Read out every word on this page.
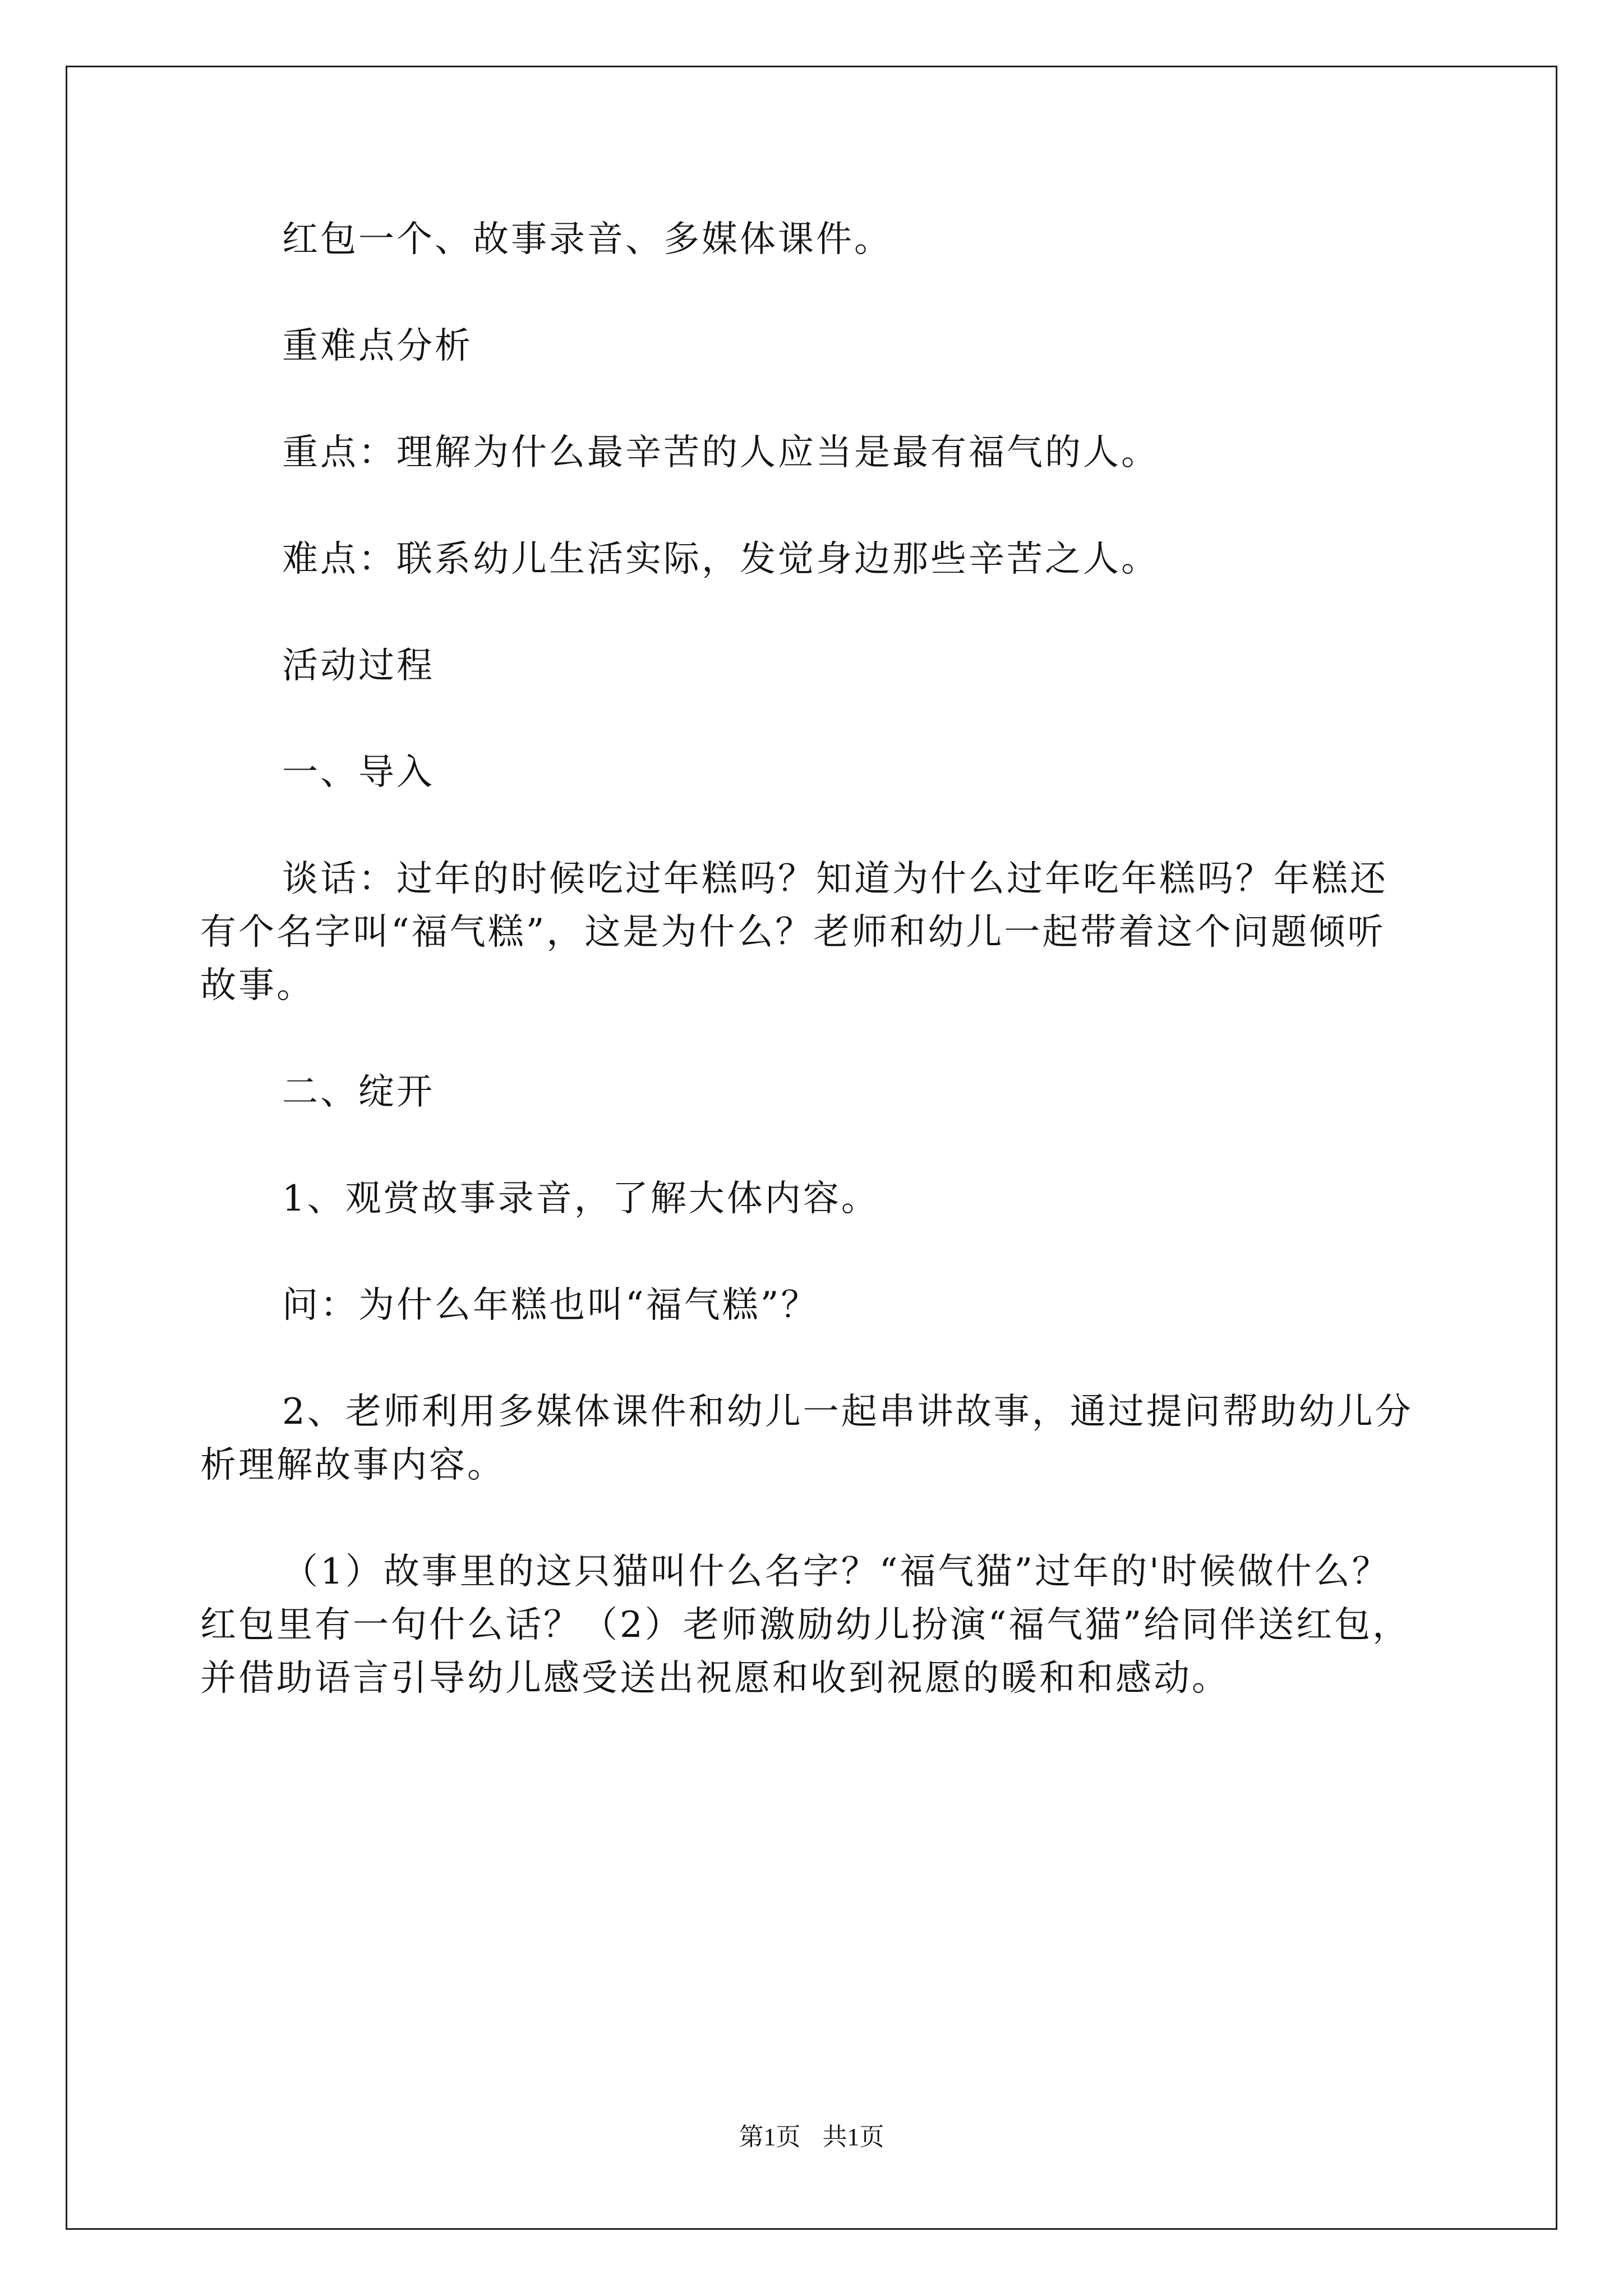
红包一个、故事录音、多媒体课件。

重难点分析

重点：理解为什么最辛苦的人应当是最有福气的人。

难点：联系幼儿生活实际，发觉身边那些辛苦之人。

活动过程

一、导入

谈话：过年的时候吃过年糕吗？知道为什么过年吃年糕吗？年糕还有个名字叫“福气糕”，这是为什么？老师和幼儿一起带着这个问题倾听故事。

二、绽开

1、观赏故事录音，了解大体内容。

问：为什么年糕也叫“福气糕”？

2、老师利用多媒体课件和幼儿一起串讲故事，通过提问帮助幼儿分析理解故事内容。

（1）故事里的这只猫叫什么名字？“福气猫”过年的'时候做什么？红包里有一句什么话？（2）老师激励幼儿扮演“福气猫”给同伴送红包，并借助语言引导幼儿感受送出祝愿和收到祝愿的暖和和感动。

第1页 共1页
